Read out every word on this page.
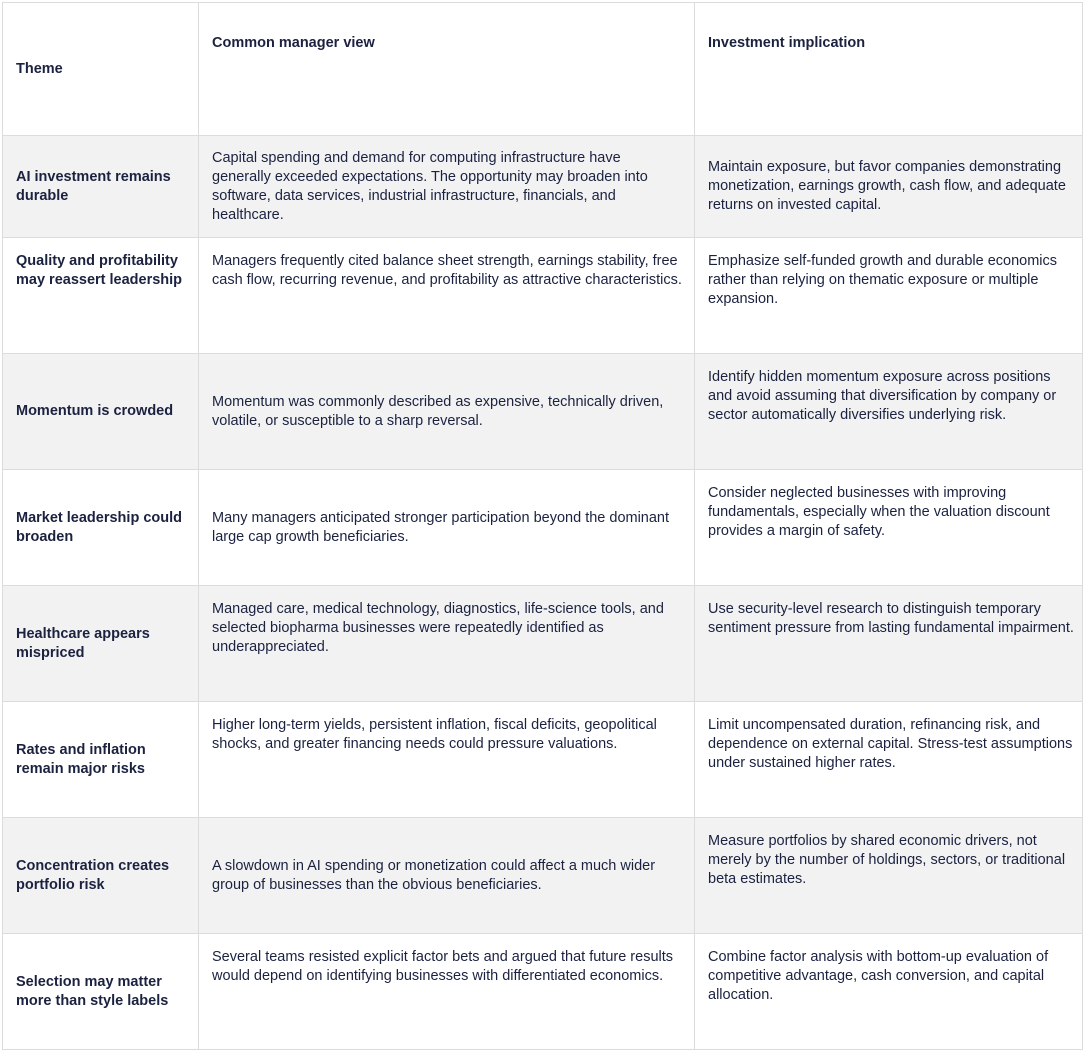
Theme	Common manager view	Investment implication
AI investment remains durable	Capital spending and demand for computing infrastructure have generally exceeded expectations. The opportunity may broaden into software, data services, industrial infrastructure, financials, and healthcare.	Maintain exposure, but favor companies demonstrating monetization, earnings growth, cash flow, and adequate returns on invested capital.
Quality and profitability may reassert leadership	Managers frequently cited balance sheet strength, earnings stability, free cash flow, recurring revenue, and profitability as attractive characteristics.	Emphasize self-funded growth and durable economics rather than relying on thematic exposure or multiple expansion.
Momentum is crowded	Momentum was commonly described as expensive, technically driven, volatile, or susceptible to a sharp reversal.	Identify hidden momentum exposure across positions and avoid assuming that diversification by company or sector automatically diversifies underlying risk.
Market leadership could broaden	Many managers anticipated stronger participation beyond the dominant large cap growth beneficiaries.	Consider neglected businesses with improving fundamentals, especially when the valuation discount provides a margin of safety.
Healthcare appears mispriced	Managed care, medical technology, diagnostics, life-science tools, and selected biopharma businesses were repeatedly identified as underappreciated.	Use security-level research to distinguish temporary sentiment pressure from lasting fundamental impairment.
Rates and inflation remain major risks	Higher long-term yields, persistent inflation, fiscal deficits, geopolitical shocks, and greater financing needs could pressure valuations.	Limit uncompensated duration, refinancing risk, and dependence on external capital. Stress-test assumptions under sustained higher rates.
Concentration creates portfolio risk	A slowdown in AI spending or monetization could affect a much wider group of businesses than the obvious beneficiaries.	Measure portfolios by shared economic drivers, not merely by the number of holdings, sectors, or traditional beta estimates.
Selection may matter more than style labels	Several teams resisted explicit factor bets and argued that future results would depend on identifying businesses with differentiated economics.	Combine factor analysis with bottom-up evaluation of competitive advantage, cash conversion, and capital allocation.
